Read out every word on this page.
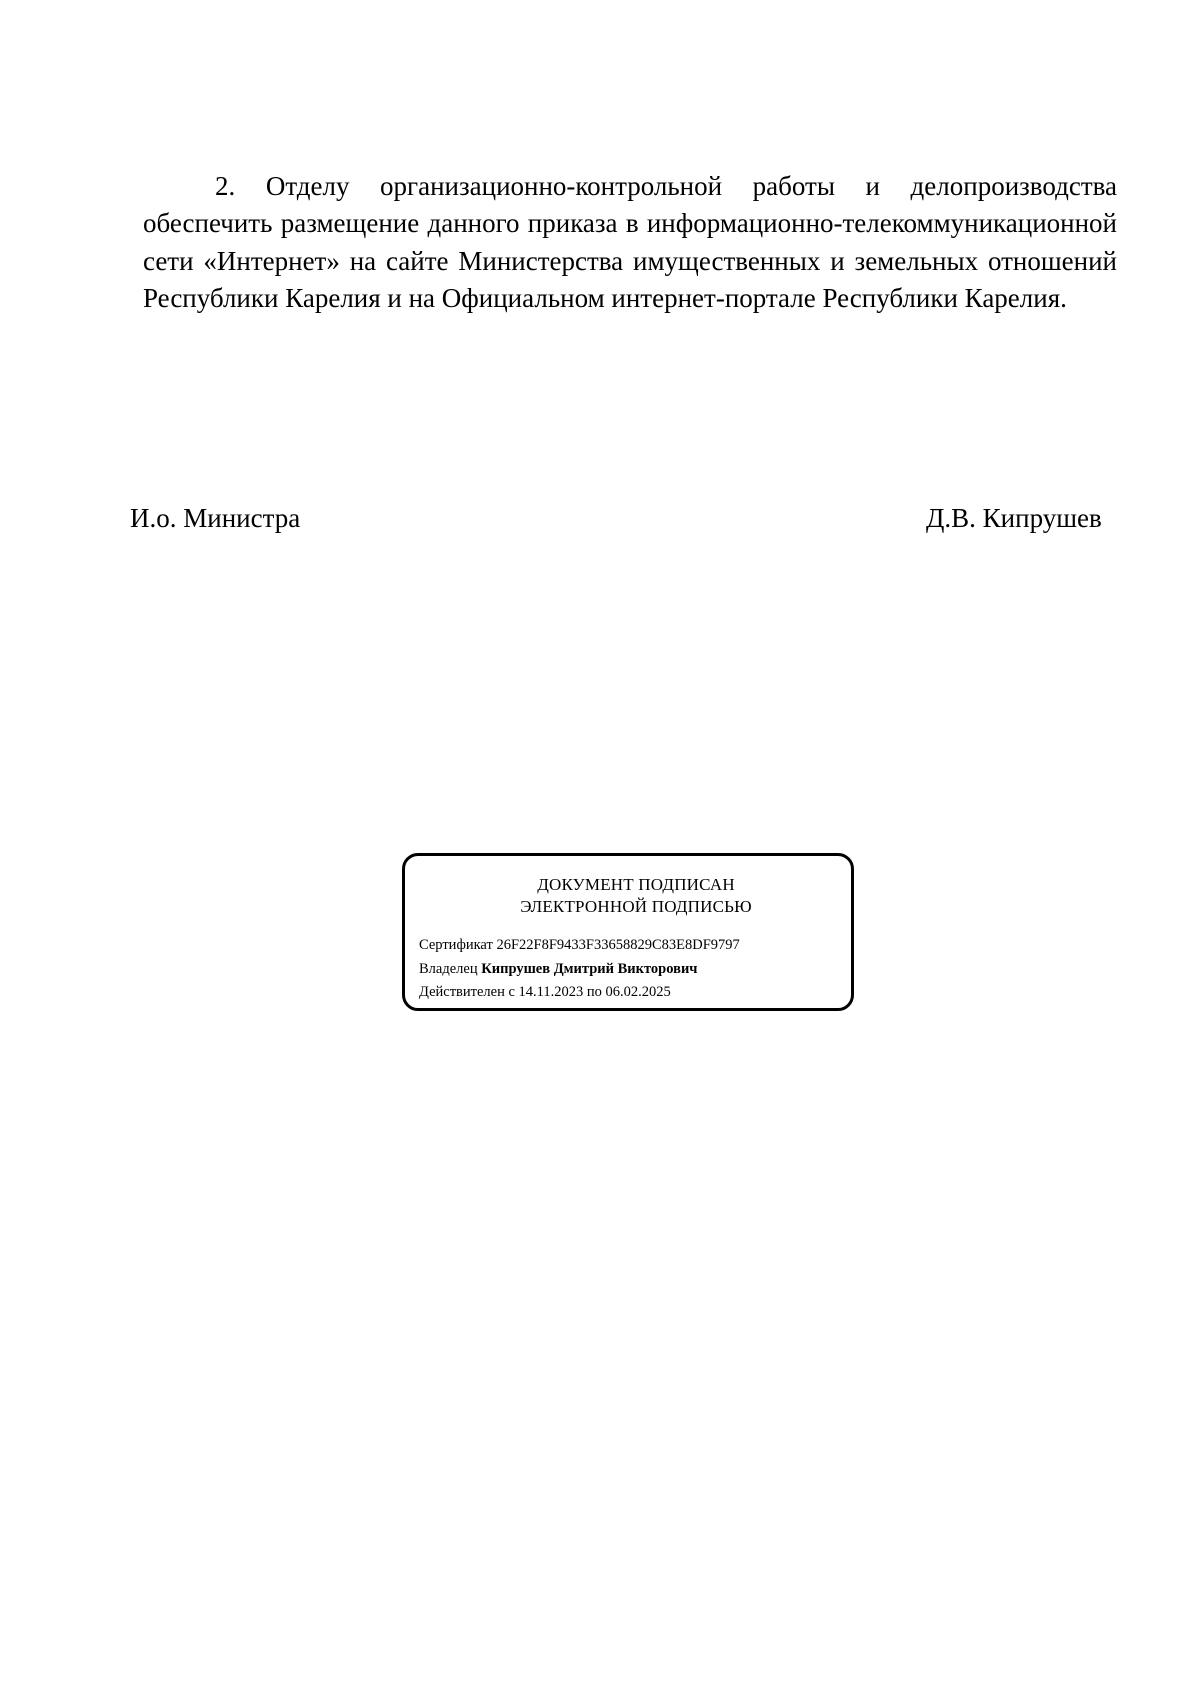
2. Отделу организационно-контрольной работы и делопроизводства обеспечить размещение данного приказа в информационно-телекоммуникационной сети «Интернет» на сайте Министерства имущественных и земельных отношений Республики Карелия и на Официальном интернет-портале Республики Карелия.

И.о. Министра	Д.В. Кипрушев
ДОКУМЕНТ ПОДПИСАН
ЭЛЕКТРОННОЙ ПОДПИСЬЮ
Сертификат 26F22F8F9433F33658829C83E8DF9797
Владелец Кипрушев Дмитрий Викторович
Действителен с 14.11.2023 по 06.02.2025
